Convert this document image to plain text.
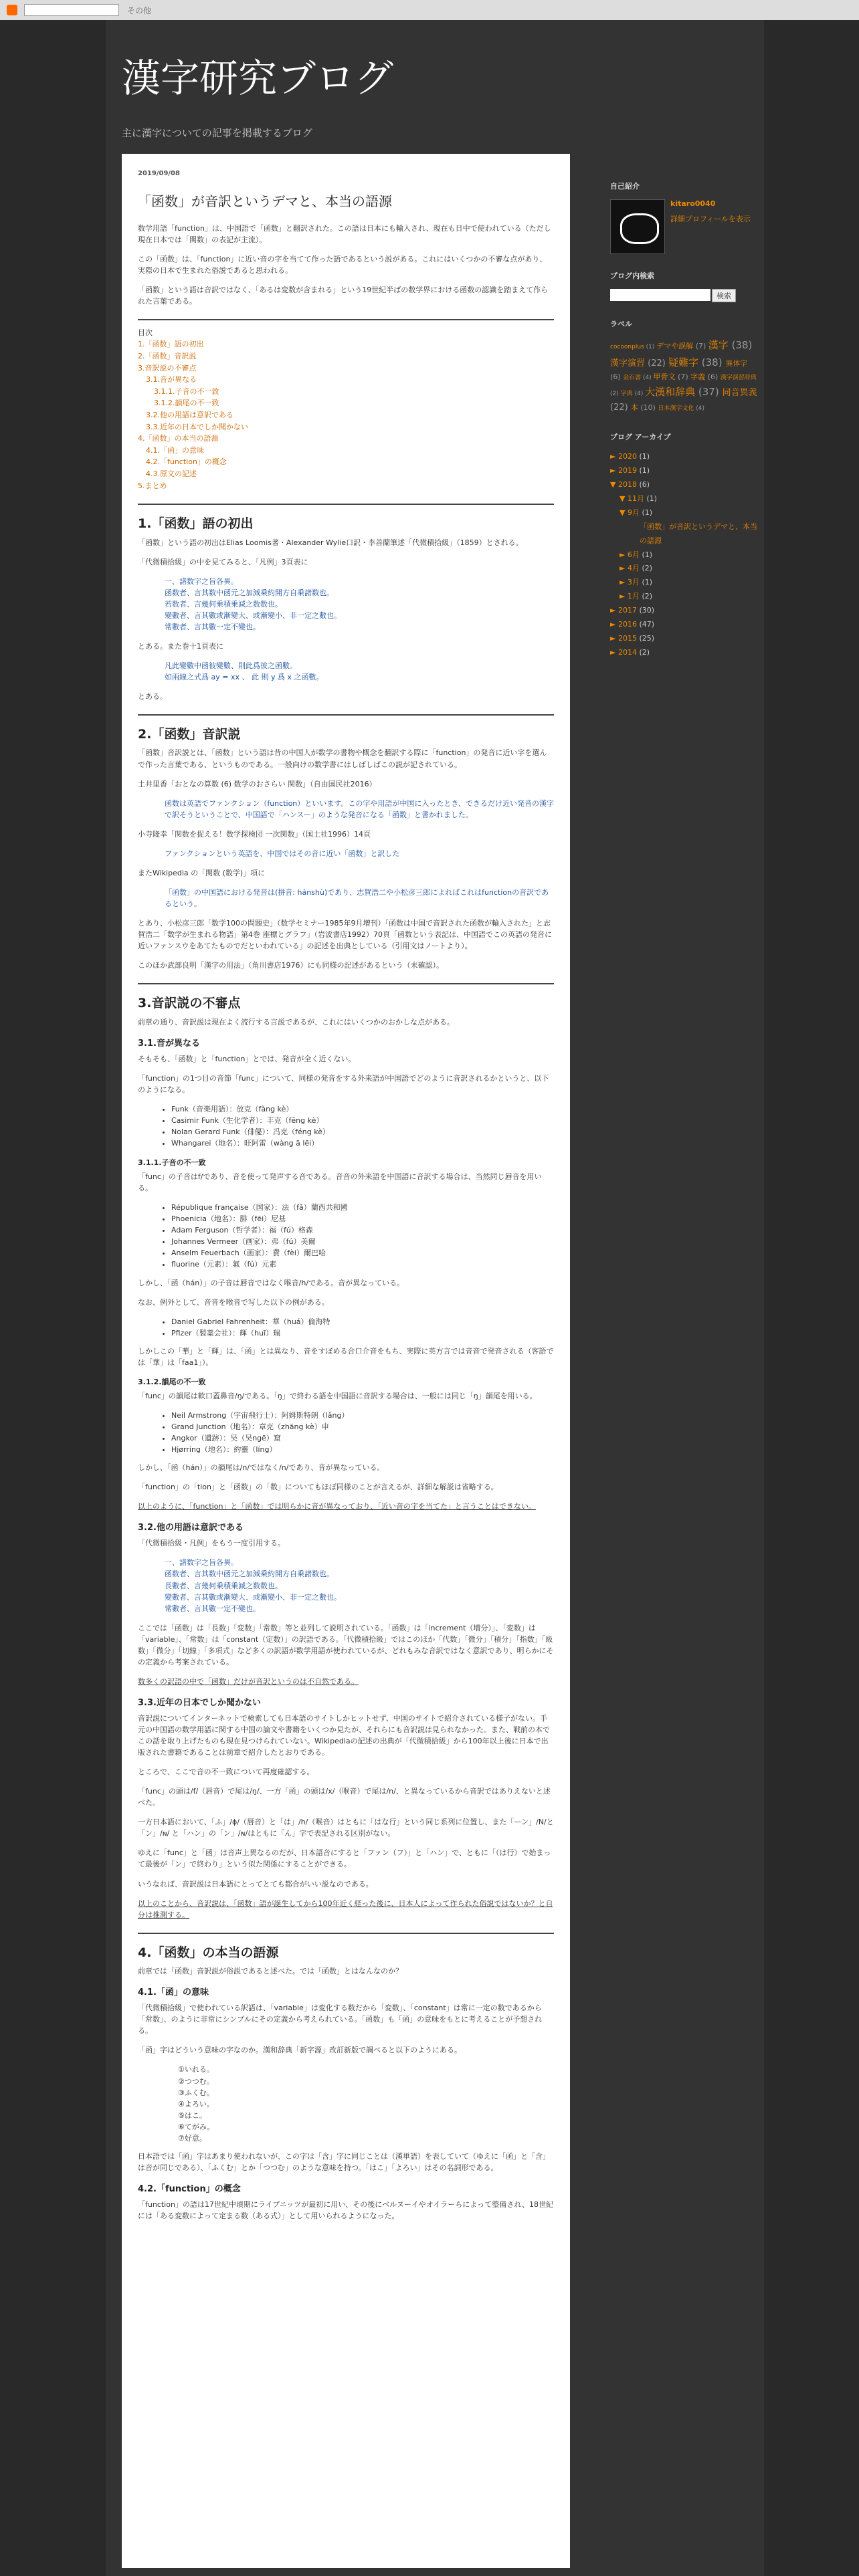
その他
漢字研究ブログ
主に漢字についての記事を掲載するブログ
2019/09/08
「函数」が音訳というデマと、本当の語源

数学用語「function」は、中国語で「函数」と翻訳された。この語は日本にも輸入され、現在も日中で使われている（ただし現在日本では「関数」の表記が主流）。

この「函数」は、「function」に近い音の字を当てて作った語であるという説がある。これにはいくつかの不審な点があり、実際の日本で生まれた俗説であると思われる。

「函数」という語は音訳ではなく、「あるは変数が含まれる」という19世紀半ばの数学界における函数の認識を踏まえて作られた言葉である。

目次
1.「函数」語の初出
2.「函数」音訳説
3.音訳説の不審点
3.1.音が異なる
3.1.1.子音の不一致
3.1.2.韻尾の不一致
3.2.他の用語は意訳である
3.3.近年の日本でしか聞かない
4.「函数」の本当の語源
4.1.「函」の意味
4.2.「function」の概念
4.3.原文の記述
5.まとめ
1.「函数」語の初出

「函数」という語の初出はElias Loomis著・Alexander Wylie口訳・李善蘭筆述「代微積拾級」（1859）とされる。

「代微積拾級」の中を見てみると、「凡例」3頁表に

一、諸数字之旨各異。
函数者、言其数中函元之加減乗約開方自乗諸数也。
若数者、言幾何乗積乗減之数数也。
變數者、言其數或漸變大、或漸變小、非一定之數也。
常數者、言其數一定不變也。

とある。また巻十1頁表に

凡此變數中函彼變數、則此爲彼之函數。
如兩線之式爲 ay = xx 、 此 則 y 爲 x 之函數。

とある。

2.「函数」音訳説

「函数」音訳説とは、「函数」という語は昔の中国人が数学の書物や概念を翻訳する際に「function」の発音に近い字を選んで作った言葉である、というものである。一般向けの数学書にはしばしばこの説が記されている。

土井里香「おとなの算数 (6) 数学のおさらい 関数」（自由国民社2016）

函数は英語でファンクション（function）といいます。この字や用語が中国に入ったとき、できるだけ近い発音の漢字で訳そうということで、中国語で「ハンスー」のような発音になる「函数」と書かれました。

小寺隆幸「関数を捉える！数学探検団 一次関数」（国土社1996）14頁

ファンクションという英語を、中国ではその音に近い「函数」と訳した

またWikipedia の「関数 (数学)」項に

「函数」の中国語における発音は(拼音: hánshù)であり、志賀浩二や小松彦三郎によればこれはfunctionの音訳であるという。

とあり、小松彦三郎「数学100の問題史」（数学セミナー1985年9月増刊）「函数は中国で音訳された函数が輸入された」と志賀浩二「数学が生まれる物語」第4巻 座標とグラフ」（岩波書店1992）70頁「函数という表記は、中国語でこの英語の発音に近いファンスウをあてたものでだといわれている」の記述を出典としている（引用文はノートより）。

このほか武部良明「漢字の用法」（角川書店1976）にも同様の記述があるという（未確認）。

3.音訳説の不審点

前章の通り、音訳説は現在よく流行する言説であるが、これにはいくつかのおかしな点がある。

3.1.音が異なる

そもそも、「函数」と「function」とでは、発音が全く近くない。

「function」の1つ目の音節「func」について、同様の発音をする外来語が中国語でどのように音訳されるかというと、以下のようになる。

• Funk（音楽用語）：放克（fàng kè）
• Casimir Funk（生化学者）：丰克（fēng kè）
• Nolan Gerard Funk（俳優）：冯克（féng kè）
• Whangarei（地名）：旺阿雷（wàng ā lēi）
3.1.1.子音の不一致

「func」の子音はf/であり、音を使って発声する音である。音音の外来語を中国語に音訳する場合は、当然同じ唇音を用いる。

• République française（国家）：法（fǎ）蘭西共和國
• Phoenicia（地名）：腓（fēi）尼基
• Adam Ferguson（哲学者）：福（fú）格森
• Johannes Vermeer（画家）：弗（fú）美爾
• Anselm Feuerbach（画家）：費（fèi）爾巴哈
• fluorine（元素）：氟（fú）元素

しかし、「函（hán）」の子音は唇音ではなく喉音/h/である。音が異なっている。

なお、例外として、音音を喉音で写した以下の例がある。

• Daniel Gabriel Fahrenheit：華（huá）倫海特
• Pfizer（製薬会社）：輝（huī）瑞

しかしこの「華」と「輝」は、「函」とは異なり、音をすぼめる合口介音をもち、実際に英方言では音音で発音される（客語では「華」は「faa1」）。

3.1.2.韻尾の不一致

「func」の韻尾は軟口蓋鼻音/ŋ/である。「ŋ」で終わる語を中国語に音訳する場合は、一般には同じ「ŋ」韻尾を用いる。

• Neil Armstrong（宇宙飛行士）：阿姆斯特朗（lǎng）
• Grand Junction（地名）：章克（zhāng kè）申
• Angkor（遺跡）：吴（吴ngē）窟
• Hjørring（地名）：約靈（líng）

しかし、「函（hán）」の韻尾は/n/ではなく/n/であり、音が異なっている。

「function」の「tion」と「函数」の「数」についてもほぼ同様のことが言えるが、詳細な解説は省略する。

以上のように、「function」と「函数」では明らかに音が異なっており、「近い音の字を当てた」と言うことはできない。

3.2.他の用語は意訳である

「代微積拾級・凡例」をもう一度引用する。

一、諸数字之旨各異。
函数者、言其数中函元之加減乗約開方自乗諸数也。
長數者、言幾何乗積乗減之数数也。
變數者、言其數或漸變大、或漸變小、非一定之數也。
常數者、言其數一定不變也。

ここでは「函数」は「長数」「変数」「常数」等と並列して説明されている。「函数」は「increment（増分）」、「変数」は「variable」、「常数」は「constant（定数）」の訳語である。「代微積拾級」ではこのほか「代数」「微分」「積分」「指数」「級数」「微分」「切線」「多項式」など多くの訳語が数学用語が使われているが、どれもみな音訳ではなく意訳であり、明らかにその定義から考案されている。

数多くの訳語の中で「函数」だけが音訳というのは不自然である。

3.3.近年の日本でしか聞かない

音訳説についてインターネットで検索しても日本語のサイトしかヒットせず、中国のサイトで紹介されている様子がない。手元の中国語の数学用語に関する中国の論文や書籍をいくつか見たが、それらにも音訳説は見られなかった。また、戦前の本でこの話を取り上げたものも現在見つけられていない。Wikipediaの記述の出典が「代微積拾級」から100年以上後に日本で出版された書籍であることは前章で紹介したとおりである。

ところで、ここで音の不一致について再度確認する。

「func」の頭は/f/（唇音）で尾は/ŋ/、一方「函」の頭は/x/（喉音）で尾は/n/、と異なっているから音訳ではありえないと述べた。

一方日本語において、「ふ」/ɸ/（唇音）と「は」/h/（喉音）はともに「はな行」という同じ系列に位置し、また「ーン」/N/と「ン」/ɴ/ と「ハン」の「ン」/ɴ/はともに「ん」字で表記される区別がない。

ゆえに「func」と「函」は音声上異なるのだが、日本語音にすると「ファン（フ）」と「ハン」で、ともに「（は行）で始まって最後が「ン」で終わり」という似た関係にすることができる。

いうなれば、音訳説は日本語にとってとても都合がいい説なのである。

以上のことから、音訳説は、「函数」語が誕生してから100年近く経った後に、日本人によって作られた俗説ではないか？と自分は推測する。

4.「函数」の本当の語源

前章では「函数」音訳説が俗説であると述べた。では「函数」とはなんなのか？

4.1.「函」の意味

「代微積拾級」で使われている訳語は、「variable」は変化する数だから「変数」、「constant」は常に一定の数であるから「常数」、のように非常にシンプルにその定義から考えられている。「函数」も「函」の意味をもとに考えることが予想される。

「函」字はどういう意味の字なのか。漢和辞典「新字源」改訂新版で調べると以下のようにある。

①いれる。
②つつむ。
③ふくむ。
④よろい。
⑤はこ。
⑥てがみ。
⑦好意。

日本語では「函」字はあまり使われないが、この字は「含」字に同じことは（漢単語）を表していて（ゆえに「函」と「含」は音が同じである）、「ふくむ」とか「つつむ」のような意味を持つ。「はこ」「よろい」はその名詞形である。

4.2.「function」の概念

「function」の語は17世紀中頃期にライプニッツが最初に用い、その後にベルヌーイやオイラーらによって整備され、18世紀には「ある変数によって定まる数（ある式）」として用いられるようになった。

自己紹介
kitaro0040
詳細プロフィールを表示
ブログ内検索
検索
ラベル
cocoonplus (1) デマや誤解 (7) 漢字 (38) 漢字演習 (22) 疑難字 (38) 異体字 (6) 金石書 (4) 甲骨文 (7) 字義 (6) 漢字演習辞典 (2) 字典 (4) 大漢和辞典 (37) 同音異義 (22) 本 (10) 日本漢字文化 (4)
ブログ アーカイブ
► 2020 (1)
► 2019 (1)
▼ 2018 (6)
▼ 11月 (1)
▼ 9月 (1)
「函数」が音訳というデマと、本当の語源
► 6月 (1)
► 4月 (2)
► 3月 (1)
► 1月 (2)
► 2017 (30)
► 2016 (47)
► 2015 (25)
► 2014 (2)
